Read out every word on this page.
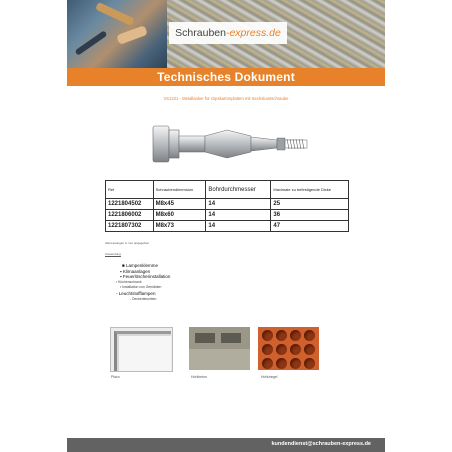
Schrauben -express.de
Technisches Dokument
VS1221 - Metallanker für Gipskartonplatten mit Sechskantschraube
Ref	Schraubendimension	Bohrdurchmesser	Maximale zu befestigende Dicke
1221804502	M8x45	14	25
1221806002	M8x60	14	36
1221807302	M8x73	14	47
Abmessungen in mm angegeben
Anwendung
■ Lampenklemme
▪ Klimaanlagen
▪ Feuerlöscherinstallation
▪ Küchenschrank
▪ Installation von Gemälden
- Leuchtstofflampen
- Deckenleuchten
Placo	Hohlbeton	Hohlziegel
kundendienst@schrauben-express.de
